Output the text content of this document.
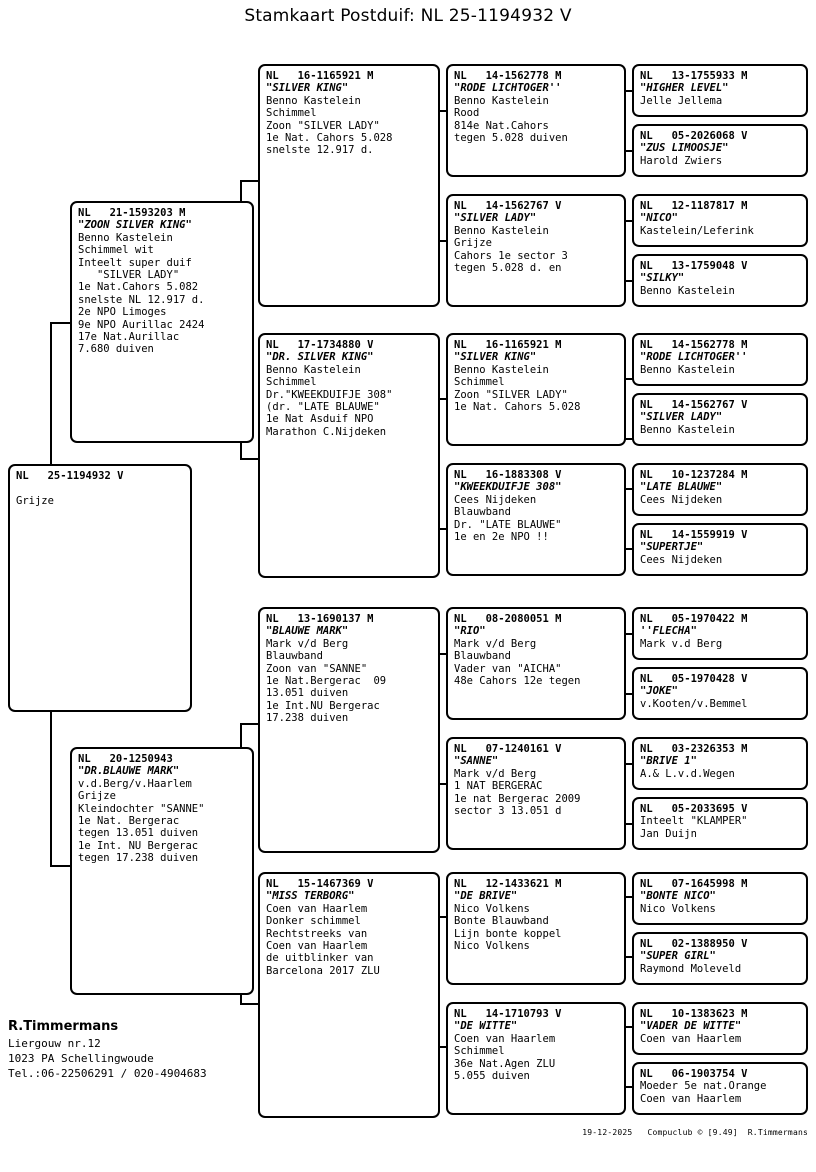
Stamkaart Postduif: NL 25-1194932 V
NL   25-1194932 V

Grijze
NL   21-1593203 M
"ZOON SILVER KING"
Benno Kastelein
Schimmel wit
Inteelt super duif
"SILVER LADY"
1e Nat.Cahors 5.082
snelste NL 12.917 d.
2e NPO Limoges
9e NPO Aurillac 2424
17e Nat.Aurillac
7.680 duiven
NL   20-1250943
"DR.BLAUWE MARK"
v.d.Berg/v.Haarlem
Grijze
Kleindochter "SANNE"
1e Nat. Bergerac
tegen 13.051 duiven
1e Int. NU Bergerac
tegen 17.238 duiven
NL   16-1165921 M
"SILVER KING"
Benno Kastelein
Schimmel
Zoon "SILVER LADY"
1e Nat. Cahors 5.028
snelste 12.917 d.
NL   17-1734880 V
"DR. SILVER KING"
Benno Kastelein
Schimmel
Dr."KWEEKDUIFJE 308"
(dr. "LATE BLAUWE"
1e Nat Asduif NPO
Marathon C.Nijdeken
NL   13-1690137 M
"BLAUWE MARK"
Mark v/d Berg
Blauwband
Zoon van "SANNE"
1e Nat.Bergerac  09
13.051 duiven
1e Int.NU Bergerac
17.238 duiven
NL   15-1467369 V
"MISS TERBORG"
Coen van Haarlem
Donker schimmel
Rechtstreeks van
Coen van Haarlem
de uitblinker van
Barcelona 2017 ZLU
NL   14-1562778 M
"RODE LICHTOGER''
Benno Kastelein
Rood
814e Nat.Cahors
tegen 5.028 duiven
NL   14-1562767 V
"SILVER LADY"
Benno Kastelein
Grijze
Cahors 1e sector 3
tegen 5.028 d. en
NL   16-1165921 M
"SILVER KING"
Benno Kastelein
Schimmel
Zoon "SILVER LADY"
1e Nat. Cahors 5.028
NL   16-1883308 V
"KWEEKDUIFJE 308"
Cees Nijdeken
Blauwband
Dr. "LATE BLAUWE"
1e en 2e NPO !!
NL   08-2080051 M
"RIO"
Mark v/d Berg
Blauwband
Vader van "AICHA"
48e Cahors 12e tegen
NL   07-1240161 V
"SANNE"
Mark v/d Berg
1 NAT BERGERAC
1e nat Bergerac 2009
sector 3 13.051 d
NL   12-1433621 M
"DE BRIVE"
Nico Volkens
Bonte Blauwband
Lijn bonte koppel
Nico Volkens
NL   14-1710793 V
"DE WITTE"
Coen van Haarlem
Schimmel
36e Nat.Agen ZLU
5.055 duiven
NL   13-1755933 M
"HIGHER LEVEL"
Jelle Jellema
NL   05-2026068 V
"ZUS LIMOOSJE"
Harold Zwiers
NL   12-1187817 M
"NICO"
Kastelein/Leferink
NL   13-1759048 V
"SILKY"
Benno Kastelein
NL   14-1562778 M
"RODE LICHTOGER''
Benno Kastelein
NL   14-1562767 V
"SILVER LADY"
Benno Kastelein
NL   10-1237284 M
"LATE BLAUWE"
Cees Nijdeken
NL   14-1559919 V
"SUPERTJE"
Cees Nijdeken
NL   05-1970422 M
''FLECHA"
Mark v.d Berg
NL   05-1970428 V
"JOKE"
v.Kooten/v.Bemmel
NL   03-2326353 M
"BRIVE 1"
A.& L.v.d.Wegen
NL   05-2033695 V
Inteelt "KLAMPER"
Jan Duijn
NL   07-1645998 M
"BONTE NICO"
Nico Volkens
NL   02-1388950 V
"SUPER GIRL"
Raymond Moleveld
NL   10-1383623 M
"VADER DE WITTE"
Coen van Haarlem
NL   06-1903754 V
Moeder 5e nat.Orange
Coen van Haarlem
R.Timmermans
Liergouw nr.12
1023 PA Schellingwoude
Tel.:06-22506291 / 020-4904683
19-12-2025   Compuclub © [9.49]  R.Timmermans
